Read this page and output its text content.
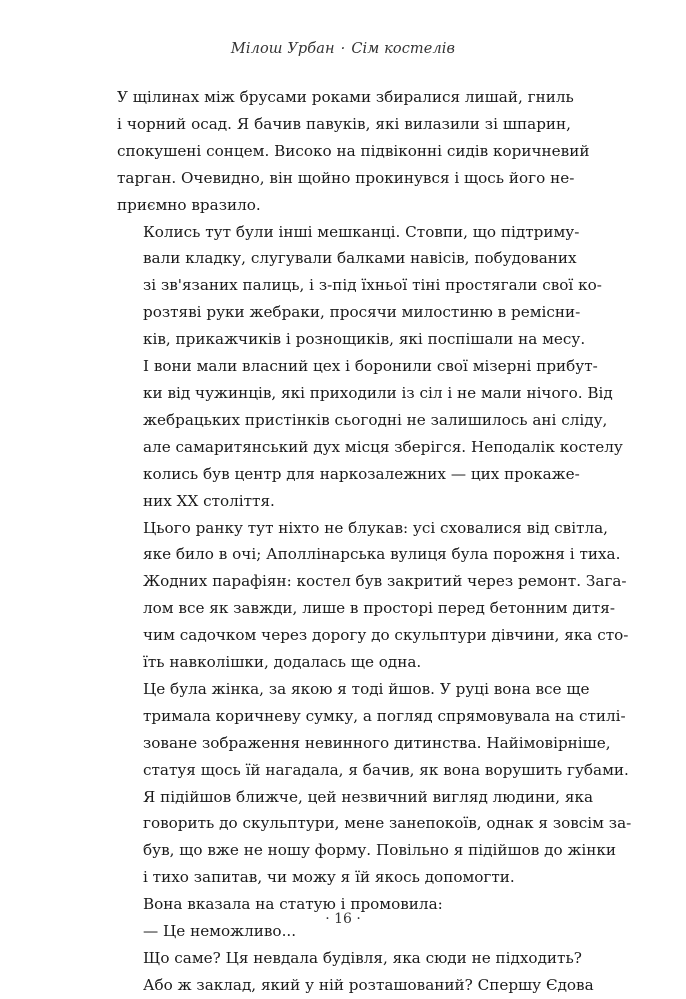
Мілош Урбан · Сім костелів

У щілинах між брусами роками збиралися лишай, гниль
і чорний осад. Я бачив павуків, які вилазили зі шпарин,
спокушені сонцем. Високо на підвіконні сидів коричневий
тарган. Очевидно, він щойно прокинувся і щось його не-
приємно вразило.

Колись тут були інші мешканці. Стовпи, що підтриму-
вали кладку, слугували балками навісів, побудованих
зі зв'язаних палиць, і з-під їхньої тіні простягали свої ко-
розтяві руки жебраки, просячи милостиню в ремісни-
ків, прикажчиків і рознощиків, які поспішали на месу.
І вони мали власний цех і боронили свої мізерні прибут-
ки від чужинців, які приходили із сіл і не мали нічого. Від
жебрацьких пристінків сьогодні не залишилось ані сліду,
але самаритянський дух місця зберігся. Неподалік костелу
колись був центр для наркозалежних — цих прокаже-
них XX століття.

Цього ранку тут ніхто не блукав: усі сховалися від світла,
яке било в очі; Аполлінарська вулиця була порожня і тиха.
Жодних парафіян: костел був закритий через ремонт. Зага-
лом все як завжди, лише в просторі перед бетонним дитя-
чим садочком через дорогу до скульптури дівчини, яка сто-
їть навколішки, додалась ще одна.

Це була жінка, за якою я тоді йшов. У руці вона все ще
тримала коричневу сумку, а погляд спрямовувала на стилі-
зоване зображення невинного дитинства. Найімовірніше,
статуя щось їй нагадала, я бачив, як вона ворушить губами.
Я підійшов ближче, цей незвичний вигляд людини, яка
говорить до скульптури, мене занепокоїв, однак я зовсім за-
був, що вже не ношу форму. Повільно я підійшов до жінки
і тихо запитав, чи можу я їй якось допомогти.

Вона вказала на статую і промовила:

— Це неможливо...

Що саме? Ця невдала будівля, яка сюди не підходить?
Або ж заклад, який у ній розташований? Спершу Єдова

· 16 ·
